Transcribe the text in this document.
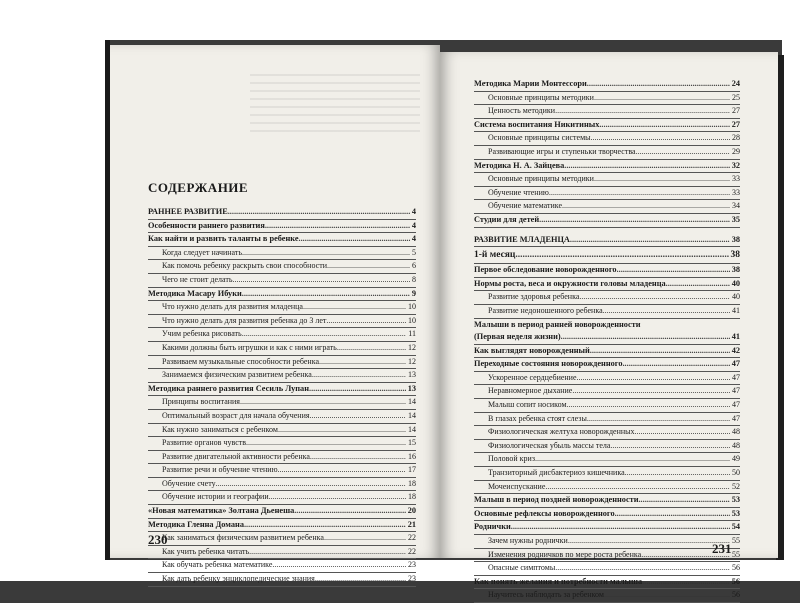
СОДЕРЖАНИЕ
РАННЕЕ РАЗВИТИЕ .....	4
Особенности раннего развития .....	4
Как найти и развить таланты в ребенке .....	4
Когда следует начинать .....	5
Как помочь ребенку раскрыть свои способности .....	6
Чего не стоит делать .....	8
Методика Масару Ибуки .....	9
Что нужно делать для развития младенца .....	10
Что нужно делать для развития ребенка до 3 лет .....	10
Учим ребенка рисовать .....	11
Какими должны быть игрушки и как с ними играть .....	12
Развиваем музыкальные способности ребенка .....	12
Занимаемся физическим развитием ребенка .....	13
Методика раннего развития Сесиль Лупан .....	13
Принципы воспитания .....	14
Оптимальный возраст для начала обучения .....	14
Как нужно заниматься с ребенком .....	14
Развитие органов чувств .....	15
Развитие двигательной активности ребенка .....	16
Развитие речи и обучение чтению .....	17
Обучение счету .....	18
Обучение истории и географии .....	18
«Новая математика» Золтана Дьенеша .....	20
Методика Гленна Домана .....	21
Как заниматься физическим развитием ребенка .....	22
Как учить ребенка читать .....	22
Как обучать ребенка математике .....	23
Как дать ребенку энциклопедические знания .....	23
Методика Марии Монтессори .....	24
Основные принципы методики .....	25
Ценность методики .....	27
Система воспитания Никитиных .....	27
Основные принципы системы .....	28
Развивающие игры и ступеньки творчества .....	29
Методика Н. А. Зайцева .....	32
Основные принципы методики .....	33
Обучение чтению .....	33
Обучение математике .....	34
Студии для детей .....	35
РАЗВИТИЕ МЛАДЕНЦА .....	38
1-й месяц .....	38
Первое обследование новорожденного .....	38
Нормы роста, веса и окружности головы младенца .....	40
Развитие здоровья ребенка .....	40
Развитие недоношенного ребенка .....	41
Малыши в период ранней новорожденности
(Первая неделя жизни) .....	41
Как выглядят новорожденный .....	42
Переходные состояния новорожденного .....	47
Ускоренное сердцебиение .....	47
Неравномерное дыхание .....	47
Малыш сопит носиком .....	47
В глазах ребенка стоят слезы .....	47
Физиологическая желтуха новорожденных .....	48
Физиологическая убыль массы тела .....	48
Половой криз .....	49
Транзиторный дисбактериоз кишечника .....	50
Мочеиспускание .....	52
Малыш в период поздней новорожденности .....	53
Основные рефлексы новорожденного .....	53
Роднички .....	54
Зачем нужны роднички .....	55
Изменения родничков по мере роста ребенка .....	55
Опасные симптомы .....	56
Как понять желания и потребности малыша .....	56
Научитесь наблюдать за ребенком .....	56
230
231
